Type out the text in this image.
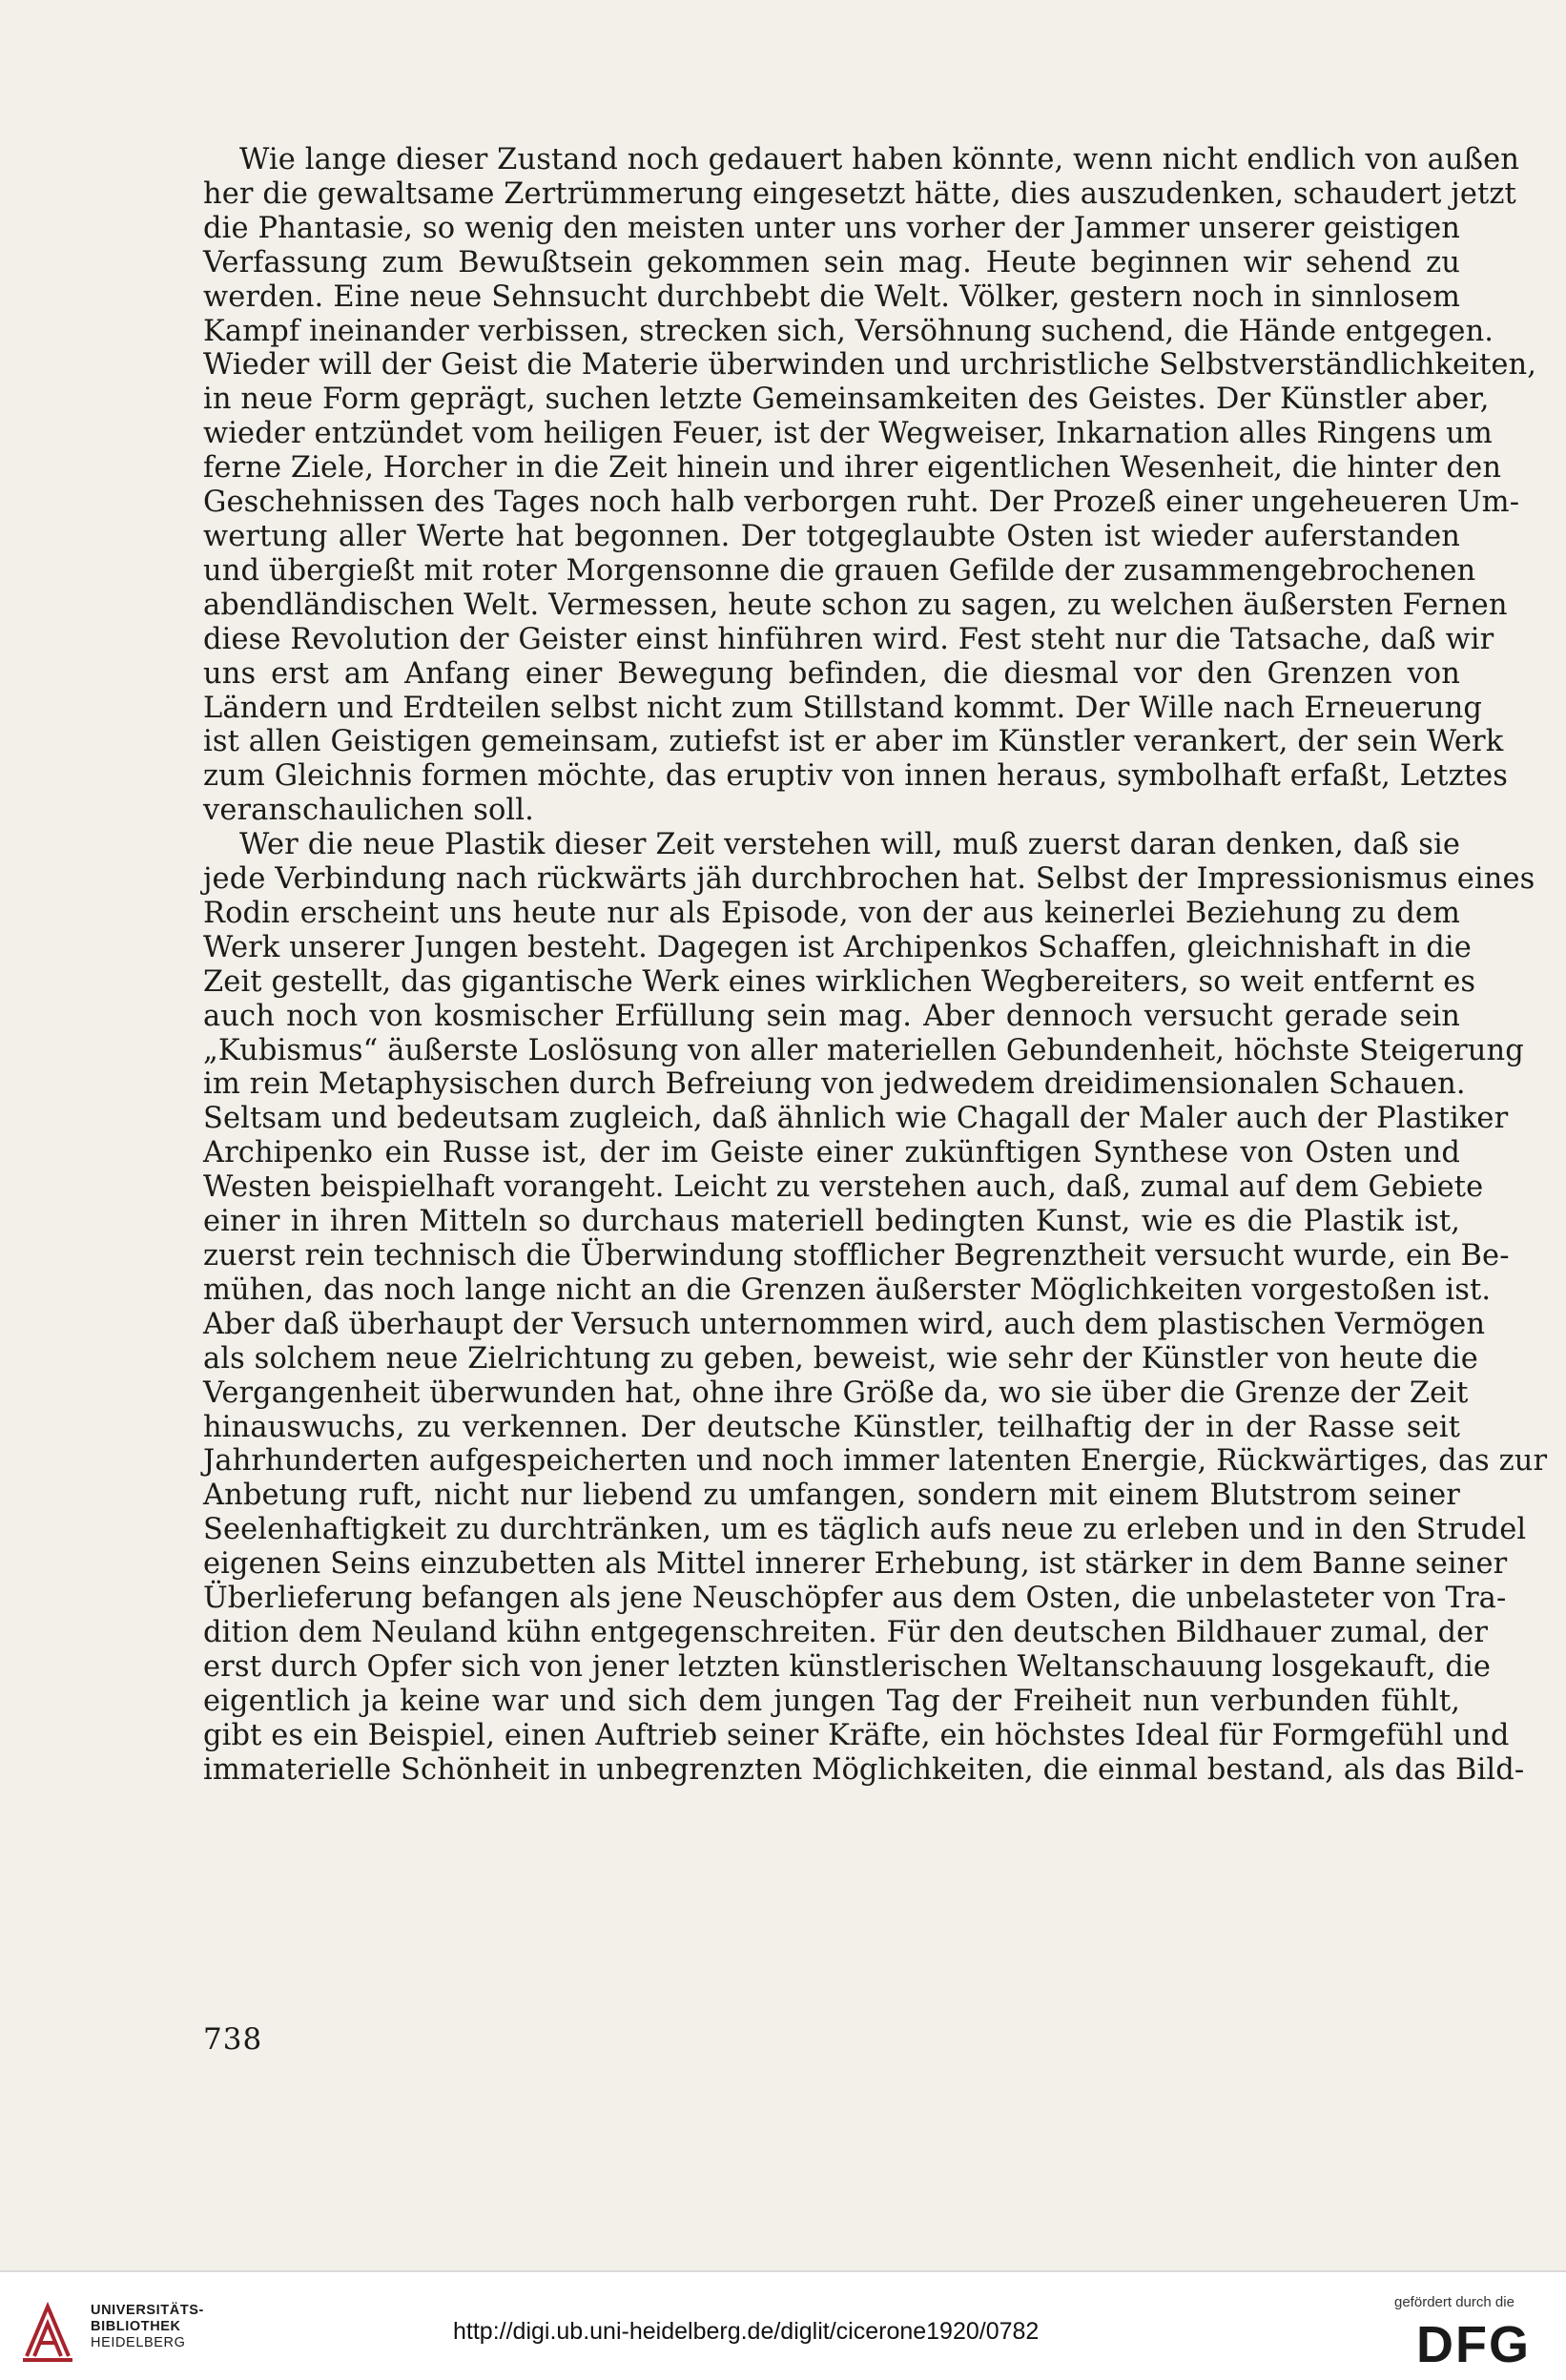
Wie lange dieser Zustand noch gedauert haben könnte, wenn nicht endlich von außen
her die gewaltsame Zertrümmerung eingesetzt hätte, dies auszudenken, schaudert jetzt
die Phantasie, so wenig den meisten unter uns vorher der Jammer unserer geistigen
Verfassung zum Bewußtsein gekommen sein mag. Heute beginnen wir sehend zu
werden. Eine neue Sehnsucht durchbebt die Welt. Völker, gestern noch in sinnlosem
Kampf ineinander verbissen, strecken sich, Versöhnung suchend, die Hände entgegen.
Wieder will der Geist die Materie überwinden und urchristliche Selbstverständlichkeiten,
in neue Form geprägt, suchen letzte Gemeinsamkeiten des Geistes. Der Künstler aber,
wieder entzündet vom heiligen Feuer, ist der Wegweiser, Inkarnation alles Ringens um
ferne Ziele, Horcher in die Zeit hinein und ihrer eigentlichen Wesenheit, die hinter den
Geschehnissen des Tages noch halb verborgen ruht. Der Prozeß einer ungeheueren Um-
wertung aller Werte hat begonnen. Der totgeglaubte Osten ist wieder auferstanden
und übergießt mit roter Morgensonne die grauen Gefilde der zusammengebrochenen
abendländischen Welt. Vermessen, heute schon zu sagen, zu welchen äußersten Fernen
diese Revolution der Geister einst hinführen wird. Fest steht nur die Tatsache, daß wir
uns erst am Anfang einer Bewegung befinden, die diesmal vor den Grenzen von
Ländern und Erdteilen selbst nicht zum Stillstand kommt. Der Wille nach Erneuerung
ist allen Geistigen gemeinsam, zutiefst ist er aber im Künstler verankert, der sein Werk
zum Gleichnis formen möchte, das eruptiv von innen heraus, symbolhaft erfaßt, Letztes
veranschaulichen soll.
Wer die neue Plastik dieser Zeit verstehen will, muß zuerst daran denken, daß sie
jede Verbindung nach rückwärts jäh durchbrochen hat. Selbst der Impressionismus eines
Rodin erscheint uns heute nur als Episode, von der aus keinerlei Beziehung zu dem
Werk unserer Jungen besteht. Dagegen ist Archipenkos Schaffen, gleichnishaft in die
Zeit gestellt, das gigantische Werk eines wirklichen Wegbereiters, so weit entfernt es
auch noch von kosmischer Erfüllung sein mag. Aber dennoch versucht gerade sein
„Kubismus“ äußerste Loslösung von aller materiellen Gebundenheit, höchste Steigerung
im rein Metaphysischen durch Befreiung von jedwedem dreidimensionalen Schauen.
Seltsam und bedeutsam zugleich, daß ähnlich wie Chagall der Maler auch der Plastiker
Archipenko ein Russe ist, der im Geiste einer zukünftigen Synthese von Osten und
Westen beispielhaft vorangeht. Leicht zu verstehen auch, daß, zumal auf dem Gebiete
einer in ihren Mitteln so durchaus materiell bedingten Kunst, wie es die Plastik ist,
zuerst rein technisch die Überwindung stofflicher Begrenztheit versucht wurde, ein Be-
mühen, das noch lange nicht an die Grenzen äußerster Möglichkeiten vorgestoßen ist.
Aber daß überhaupt der Versuch unternommen wird, auch dem plastischen Vermögen
als solchem neue Zielrichtung zu geben, beweist, wie sehr der Künstler von heute die
Vergangenheit überwunden hat, ohne ihre Größe da, wo sie über die Grenze der Zeit
hinauswuchs, zu verkennen. Der deutsche Künstler, teilhaftig der in der Rasse seit
Jahrhunderten aufgespeicherten und noch immer latenten Energie, Rückwärtiges, das zur
Anbetung ruft, nicht nur liebend zu umfangen, sondern mit einem Blutstrom seiner
Seelenhaftigkeit zu durchtränken, um es täglich aufs neue zu erleben und in den Strudel
eigenen Seins einzubetten als Mittel innerer Erhebung, ist stärker in dem Banne seiner
Überlieferung befangen als jene Neuschöpfer aus dem Osten, die unbelasteter von Tra-
dition dem Neuland kühn entgegenschreiten. Für den deutschen Bildhauer zumal, der
erst durch Opfer sich von jener letzten künstlerischen Weltanschauung losgekauft, die
eigentlich ja keine war und sich dem jungen Tag der Freiheit nun verbunden fühlt,
gibt es ein Beispiel, einen Auftrieb seiner Kräfte, ein höchstes Ideal für Formgefühl und
immaterielle Schönheit in unbegrenzten Möglichkeiten, die einmal bestand, als das Bild-
738
UNIVERSITÄTS-
BIBLIOTHEK
HEIDELBERG	http://digi.ub.uni-heidelberg.de/diglit/cicerone1920/0782
gefördert durch die
DFG
